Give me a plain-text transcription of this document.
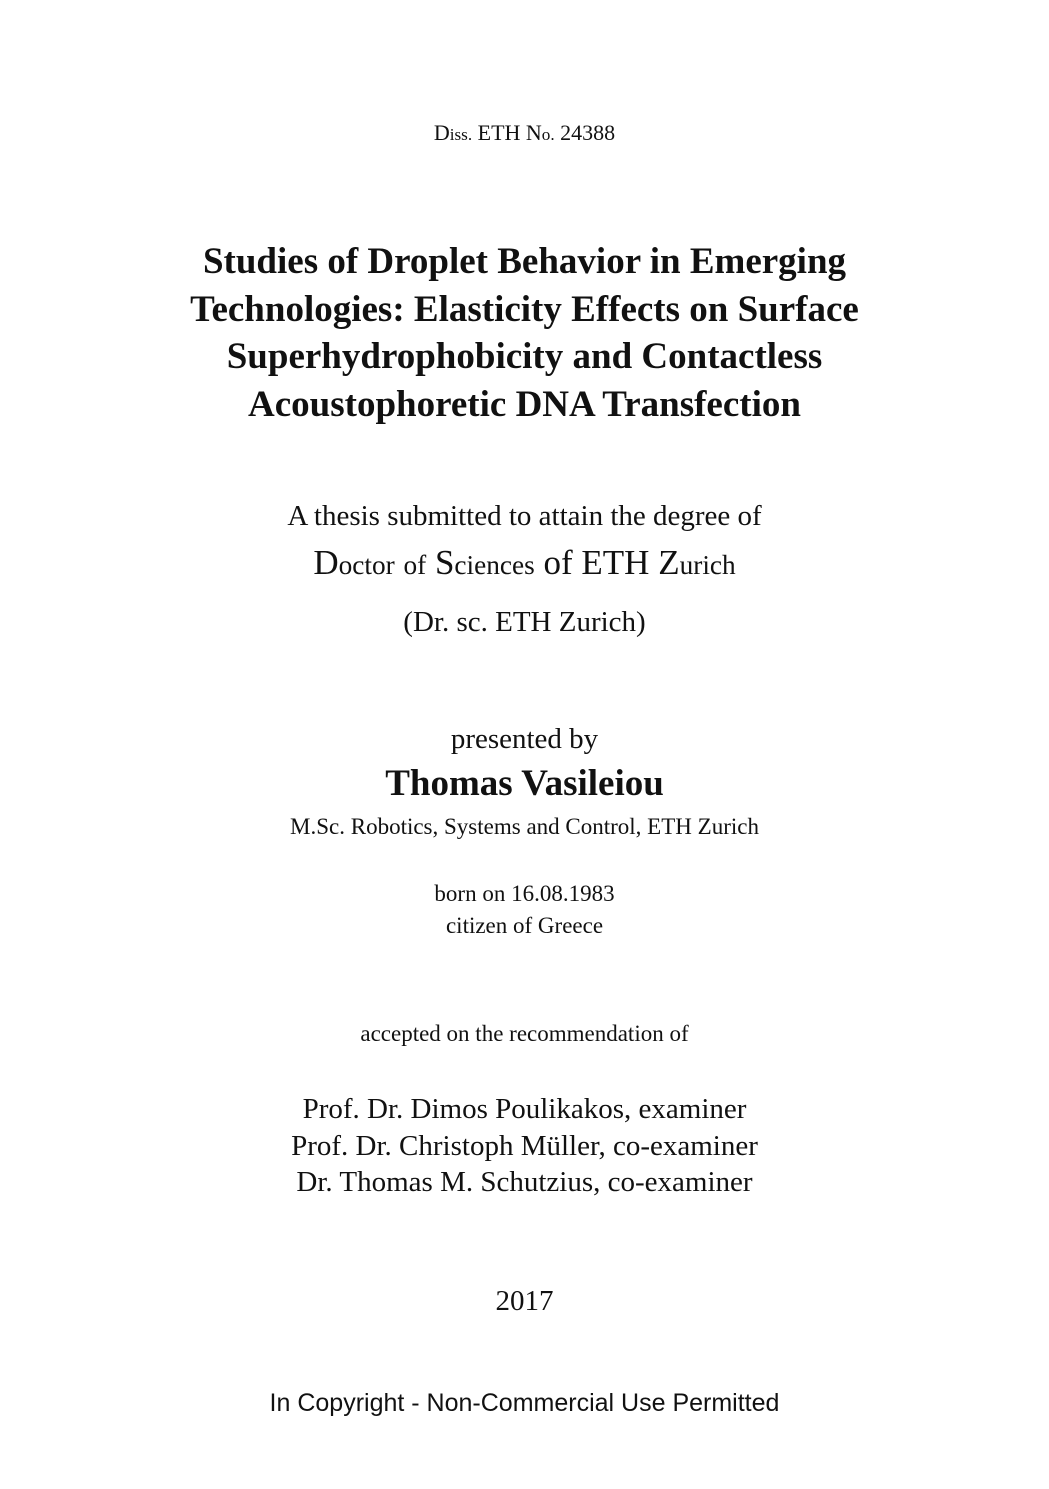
Diss. ETH No. 24388

Studies of Droplet Behavior in Emerging
Technologies: Elasticity Effects on Surface
Superhydrophobicity and Contactless
Acoustophoretic DNA Transfection

A thesis submitted to attain the degree of

Doctor of Sciences of ETH Zurich

(Dr. sc. ETH Zurich)

presented by

Thomas Vasileiou

M.Sc. Robotics, Systems and Control, ETH Zurich

born on 16.08.1983
citizen of Greece

accepted on the recommendation of

Prof. Dr. Dimos Poulikakos, examiner
Prof. Dr. Christoph Müller, co-examiner
Dr. Thomas M. Schutzius, co-examiner

2017

In Copyright - Non-Commercial Use Permitted
